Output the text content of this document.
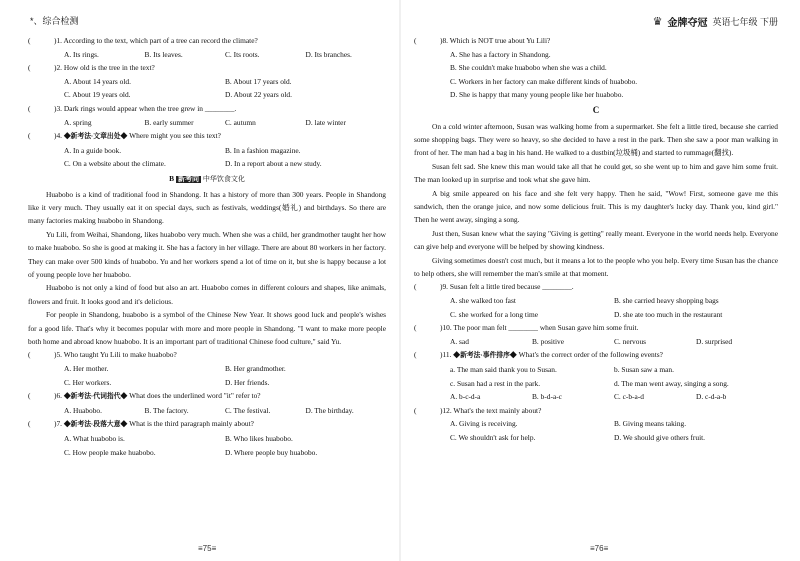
*、综合检测

(	)1. According to the text, which part of a tree can record the climate?

A. Its rings.	B. Its leaves.	C. Its roots.	D. Its branches.

(	)2. How old is the tree in the text?

A. About 14 years old.	B. About 17 years old.
C. About 19 years old.	D. About 22 years old.

(	)3. Dark rings would appear when the tree grew in ________.

A. spring	B. early summer	C. autumn	D. late winter

(	)4. ◆新考法·文章出处◆ Where might you see this text?

A. In a guide book.	B. In a fashion magazine.
C. On a website about the climate.	D. In a report about a new study.
B 新考向 中华饮食文化

Huabobo is a kind of traditional food in Shandong. It has a history of more than 300 years. People in Shandong like it very much. They usually eat it on special days, such as festivals, weddings(婚礼) and birthdays. So there are many factories making huabobo in Shandong.

Yu Lili, from Weihai, Shandong, likes huabobo very much. When she was a child, her grandmother taught her how to make huabobo. So she is good at making it. She has a factory in her village. There are about 80 workers in her factory. They can make over 500 kinds of huabobo. Yu and her workers spend a lot of time on it, but she is happy because a lot of young people love her huabobo.

Huabobo is not only a kind of food but also an art. Huabobo comes in different colours and shapes, like animals, flowers and fruit. It looks good and it's delicious.

For people in Shandong, huabobo is a symbol of the Chinese New Year. It shows good luck and people's wishes for a good life. That's why it becomes popular with more and more people in Shandong. "I want to make more people both home and abroad know huabobo. It is an important part of traditional Chinese food culture," said Yu.

(	)5. Who taught Yu Lili to make huabobo?

A. Her mother.	B. Her grandmother.
C. Her workers.	D. Her friends.

(	)6. ◆新考法·代词指代◆ What does the underlined word "it" refer to?

A. Huabobo.	B. The factory.	C. The festival.	D. The birthday.

(	)7. ◆新考法·段落大意◆ What is the third paragraph mainly about?

A. What huabobo is.	B. Who likes huabobo.
C. How people make huabobo.	D. Where people buy huabobo.
≡75≡
♛ 金牌夺冠 英语七年级 下册

(	)8. Which is NOT true about Yu Lili?

A. She has a factory in Shandong.

B. She couldn't make huabobo when she was a child.

C. Workers in her factory can make different kinds of huabobo.

D. She is happy that many young people like her huabobo.

C

On a cold winter afternoon, Susan was walking home from a supermarket. She felt a little tired, because she carried some shopping bags. They were so heavy, so she decided to have a rest in the park. Then she saw a poor man walking in front of her. The man had a bag in his hand. He walked to a dustbin(垃圾桶) and started to rummage(翻找).

Susan felt sad. She knew this man would take all that he could get, so she went up to him and gave him some fruit. The man looked up in surprise and took what she gave him.

A big smile appeared on his face and she felt very happy. Then he said, "Wow! First, someone gave me this sandwich, then the orange juice, and now some delicious fruit. This is my daughter's lucky day. Thank you, kind girl." Then he went away, singing a song.

Just then, Susan knew what the saying "Giving is getting" really meant. Everyone in the world needs help. Everyone can give help and everyone will be helped by showing kindness.

Giving sometimes doesn't cost much, but it means a lot to the people who you help. Every time Susan has the chance to help others, she will remember the man's smile at that moment.

(	)9. Susan felt a little tired because ________.

A. she walked too fast	B. she carried heavy shopping bags
C. she worked for a long time	D. she ate too much in the restaurant

(	)10. The poor man felt ________ when Susan gave him some fruit.

A. sad	B. positive	C. nervous	D. surprised

(	)11. ◆新考法·事件排序◆ What's the correct order of the following events?

a. The man said thank you to Susan.	b. Susan saw a man.
c. Susan had a rest in the park.	d. The man went away, singing a song.
A. b-c-d-a	B. b-d-a-c	C. c-b-a-d	D. c-d-a-b

(	)12. What's the text mainly about?

A. Giving is receiving.	B. Giving means taking.
C. We shouldn't ask for help.	D. We should give others fruit.
≡76≡
